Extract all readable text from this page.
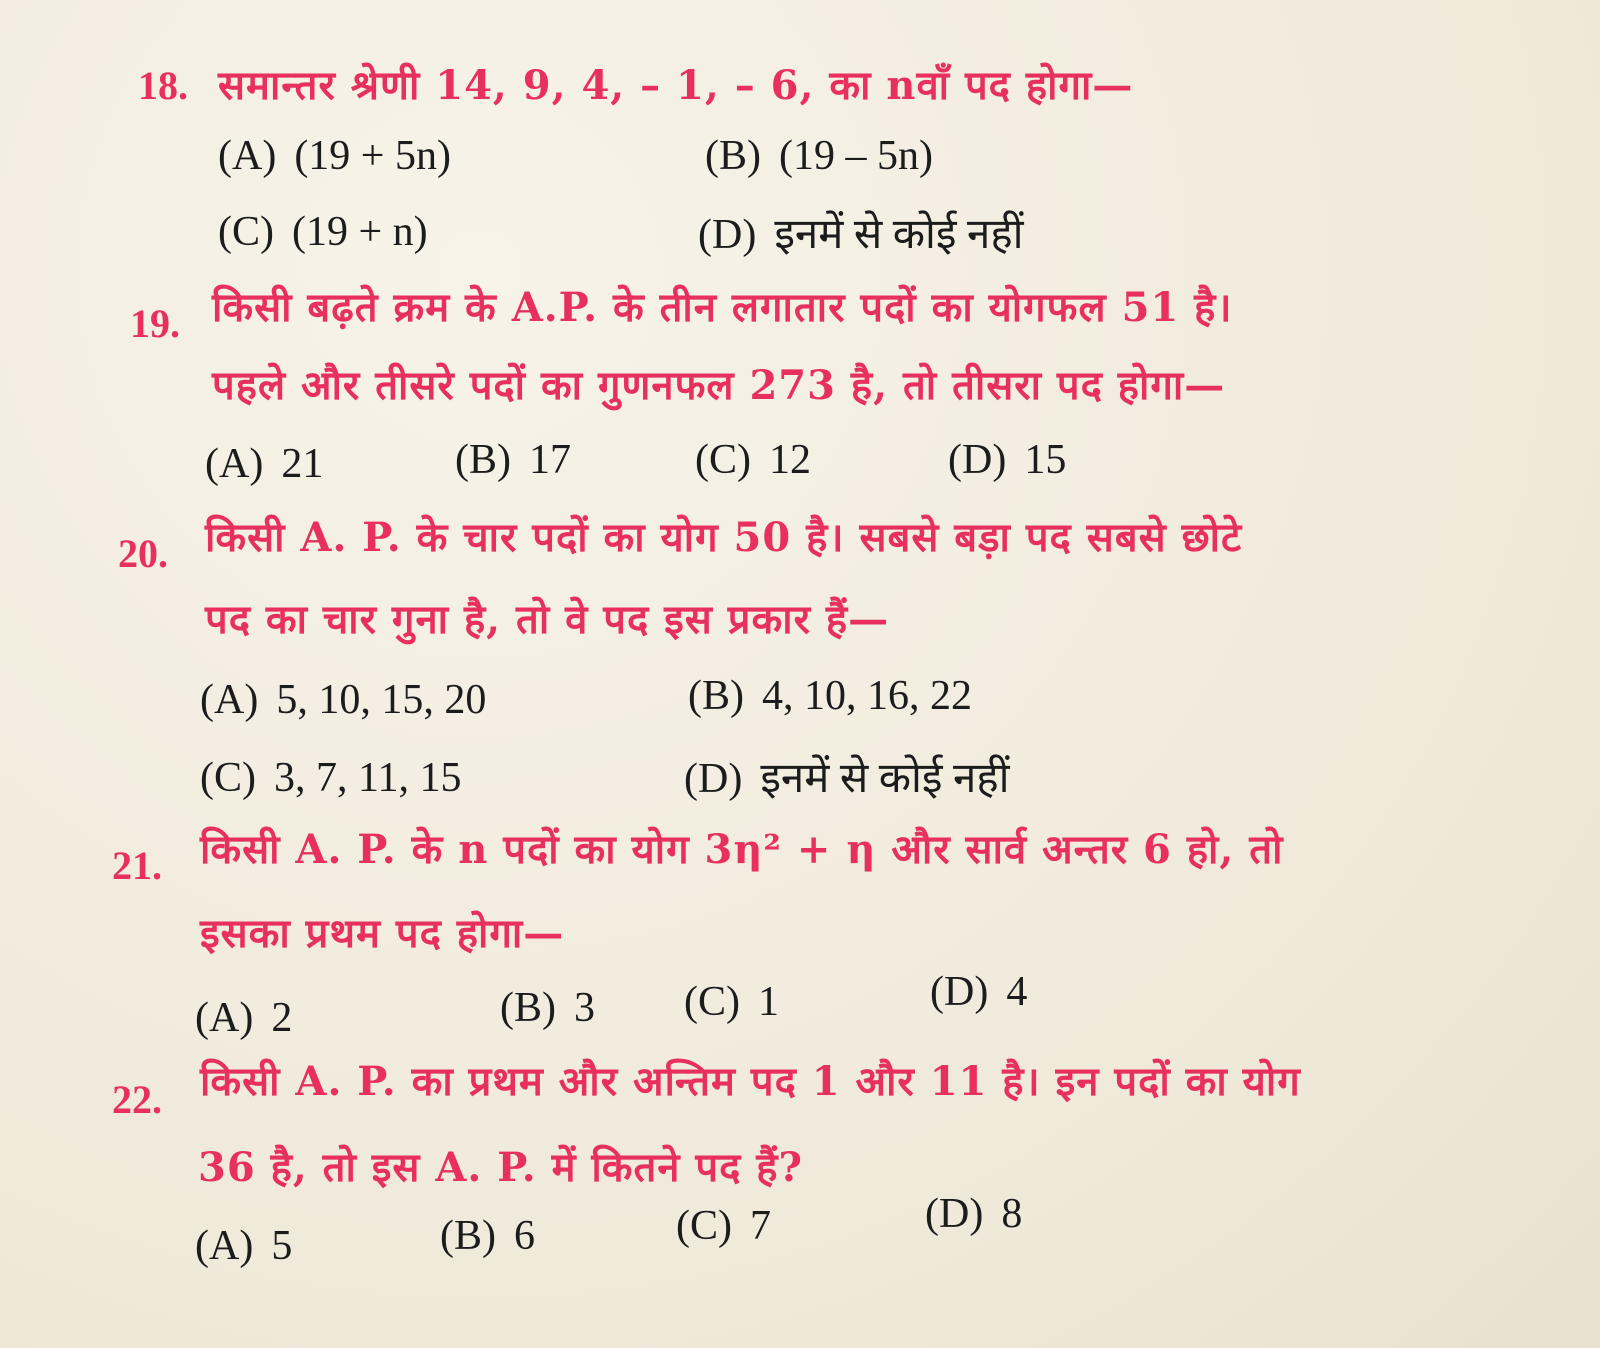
18. समान्तर श्रेणी 14, 9, 4, – 1, – 6, का nवाँ पद होगा—
(A) (19 + 5n)	(B) (19 – 5n)
(C) (19 + n)	(D) इनमें से कोई नहीं
19. किसी बढ़ते क्रम के A.P. के तीन लगातार पदों का योगफल 51 है।
पहले और तीसरे पदों का गुणनफल 273 है, तो तीसरा पद होगा—
(A) 21	(B) 17	(C) 12	(D) 15
20. किसी A. P. के चार पदों का योग 50 है। सबसे बड़ा पद सबसे छोटे
पद का चार गुना है, तो वे पद इस प्रकार हैं—
(A) 5, 10, 15, 20	(B) 4, 10, 16, 22
(C) 3, 7, 11, 15	(D) इनमें से कोई नहीं
21. किसी A. P. के n पदों का योग 3η² + η और सार्व अन्तर 6 हो, तो
इसका प्रथम पद होगा—
(A) 2	(B) 3 (C) 1	(D) 4
22. किसी A. P. का प्रथम और अन्तिम पद 1 और 11 है। इन पदों का योग
36 है, तो इस A. P. में कितने पद हैं?
(A) 5	(B) 6	(C) 7	(D) 8
